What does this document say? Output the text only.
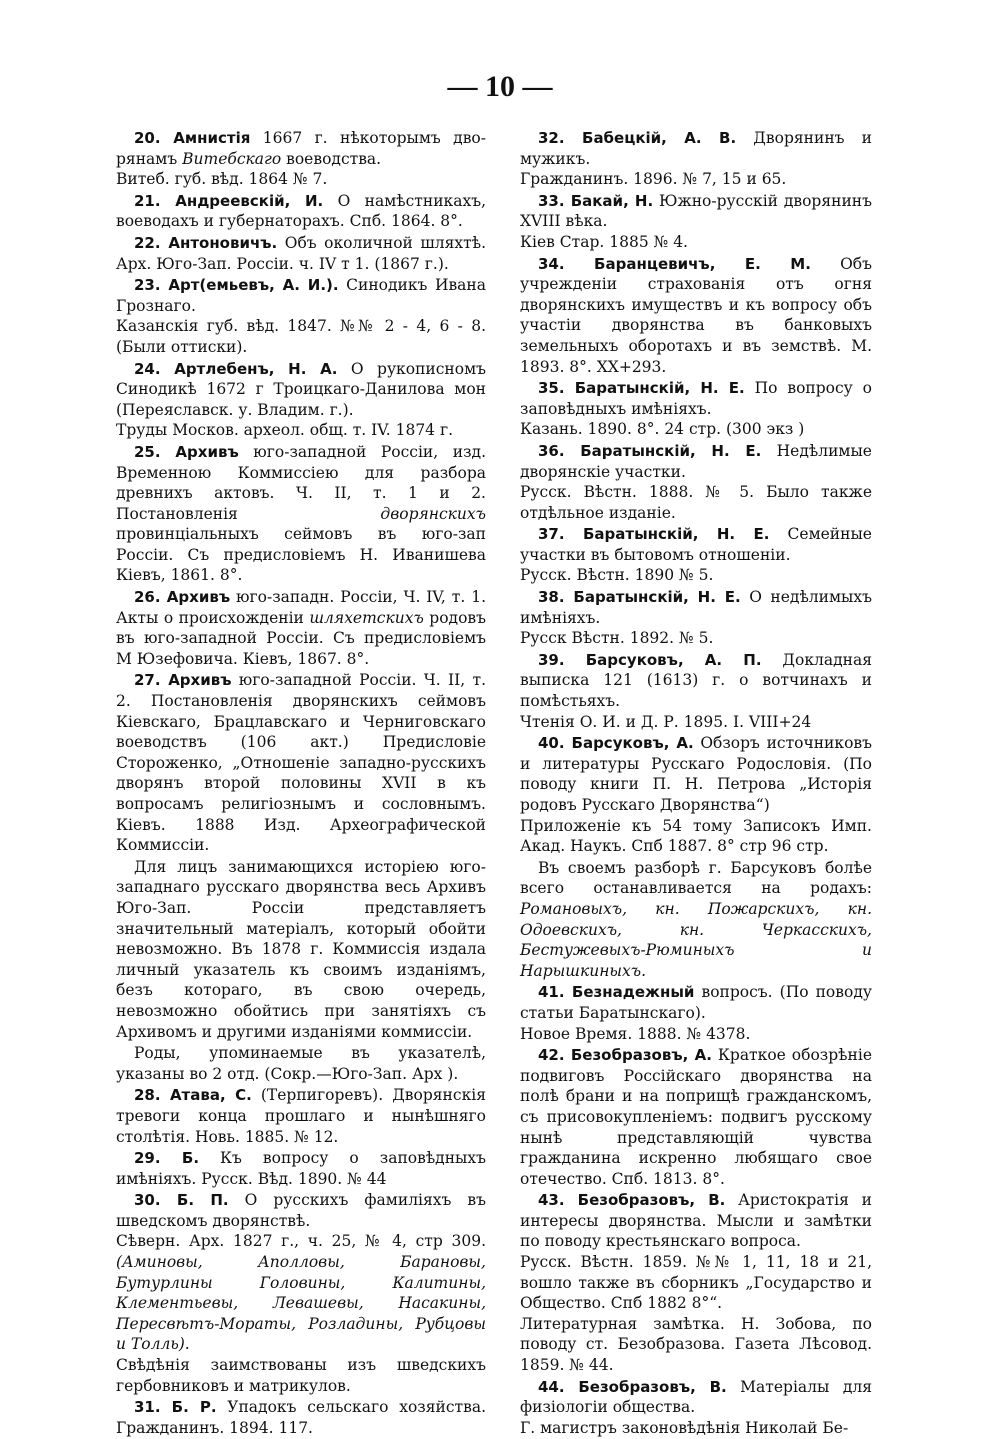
— 10 —
20. Амнистія 1667 г. нѣкоторымъ дво-рянамъ Витебскаго воеводства.
Витеб. губ. вѣд. 1864 № 7.
21. Андреевскій, И. О намѣстникахъ, воеводахъ и губернаторахъ. Спб. 1864. 8°.
22. Антоновичъ. Объ околичной шляхтѣ. Арх. Юго-Зап. Россіи. ч. IV т 1. (1867 г.).
23. Арт(емьевъ, А. И.). Синодикъ Ивана Грознаго.
Казанскія губ. вѣд. 1847. №№ 2 - 4, 6 - 8. (Были оттиски).
24. Артлебенъ, Н. А. О рукописномъ Синодикѣ 1672 г Троицкаго-Данилова мон (Переяславск. у. Владим. г.).
Труды Москов. археол. общ. т. IV. 1874 г.
25. Архивъ юго-западной Россіи, изд. Временною Коммиссіею для разбора древнихъ актовъ. Ч. II, т. 1 и 2. Постановленія дворянскихъ провинціальныхъ сеймовъ въ юго-зап Россіи. Съ предисловіемъ Н. Иванишева Кіевъ, 1861. 8°.
26. Архивъ юго-западн. Россіи, Ч. IV, т. 1. Акты о происхожденіи шляхетскихъ родовъ въ юго-западной Россіи. Съ предисловіемъ М Юзефовича. Кіевъ, 1867. 8°.
27. Архивъ юго-западной Россіи. Ч. II, т. 2. Постановленія дворянскихъ сеймовъ Кіевскаго, Брацлавскаго и Черниговскаго воеводствъ (106 акт.) Предисловіе Стороженко, „Отношеніе западно-русскихъ дворянъ второй половины XVII в къ вопросамъ религіознымъ и сословнымъ. Кіевъ. 1888 Изд. Археографической Коммиссіи.
Для лицъ занимающихся исторіею юго-западнаго русскаго дворянства весь Архивъ Юго-Зап. Россіи представляетъ значительный матеріалъ, который обойти невозможно. Въ 1878 г. Коммиссія издала личный указатель къ своимъ изданіямъ, безъ котораго, въ свою очередь, невозможно обойтись при занятіяхъ съ Архивомъ и другими изданіями коммиссіи.
Роды, упоминаемые въ указателѣ, указаны во 2 отд. (Сокр.—Юго-Зап. Арх ).
28. Атава, С. (Терпигоревъ). Дворянскія тревоги конца прошлаго и нынѣшняго столѣтія. Новь. 1885. № 12.
29. Б. Къ вопросу о заповѣдныхъ имѣніяхъ. Русск. Вѣд. 1890. № 44
30. Б. П. О русскихъ фамиліяхъ въ шведскомъ дворянствѣ.
Сѣверн. Арх. 1827 г., ч. 25, № 4, стр 309. (Аминовы, Аполловы, Барановы, Бутурлины Головины, Калитины, Клементьевы, Левашевы, Насакины, Пересвѣтъ-Мораты, Розладины, Рубцовы и Толль).
Свѣдѣнія заимствованы изъ шведскихъ гербовниковъ и матрикулов.
31. Б. Р. Упадокъ сельскаго хозяйства. Гражданинъ. 1894. 117.
32. Бабецкій, А. В. Дворянинъ и мужикъ.
Гражданинъ. 1896. № 7, 15 и 65.
33. Бакай, Н. Южно-русскій дворянинъ XVIII вѣка.
Кіев Стар. 1885 № 4.
34. Баранцевичъ, Е. М. Объ учрежденіи страхованія отъ огня дворянскихъ имуществъ и къ вопросу объ участіи дворянства въ банковыхъ земельныхъ оборотахъ и въ земствѣ. М. 1893. 8°. XX+293.
35. Баратынскій, Н. Е. По вопросу о заповѣдныхъ имѣніяхъ.
Казань. 1890. 8°. 24 стр. (300 экз )
36. Баратынскій, Н. Е. Недѣлимые дворянскіе участки.
Русск. Вѣстн. 1888. № 5. Было также отдѣльное изданіе.
37. Баратынскій, Н. Е. Семейные участки въ бытовомъ отношеніи.
Русск. Вѣстн. 1890 № 5.
38. Баратынскій, Н. Е. О недѣлимыхъ имѣніяхъ.
Русск Вѣстн. 1892. № 5.
39. Барсуковъ, А. П. Докладная выписка 121 (1613) г. о вотчинахъ и помѣстьяхъ.
Чтенія О. И. и Д. Р. 1895. I. VIII+24
40. Барсуковъ, А. Обзоръ источниковъ и литературы Русскаго Родословія. (По поводу книги П. Н. Петрова „Исторія родовъ Русскаго Дворянства“)
Приложеніе къ 54 тому Записокъ Имп. Акад. Наукъ. Спб 1887. 8° стр 96 стр.
Въ своемъ разборѣ г. Барсуковъ болѣе всего останавливается на родахъ: Романовыхъ, кн. Пожарскихъ, кн. Одоевскихъ, кн. Черкасскихъ, Бестужевыхъ-Рюминыхъ и Нарышкиныхъ.
41. Безнадежный вопросъ. (По поводу статьи Баратынскаго).
Новое Время. 1888. № 4378.
42. Безобразовъ, А. Краткое обозрѣніе подвиговъ Россійскаго дворянства на полѣ брани и на поприщѣ гражданскомъ, съ присовокупленіемъ: подвигъ русскому нынѣ представляющій чувства гражданина искренно любящаго свое отечество. Спб. 1813. 8°.
43. Безобразовъ, В. Аристократія и интересы дворянства. Мысли и замѣтки по поводу крестьянскаго вопроса.
Русск. Вѣстн. 1859. №№ 1, 11, 18 и 21, вошло также въ сборникъ „Государство и Общество. Спб 1882 8°“.
Литературная замѣтка. Н. Зобова, по поводу ст. Безобразова. Газета Лѣсовод. 1859. № 44.
44. Безобразовъ, В. Матеріалы для физіологіи общества.
Г. магистръ законовѣдѣнія Николай Бе-
